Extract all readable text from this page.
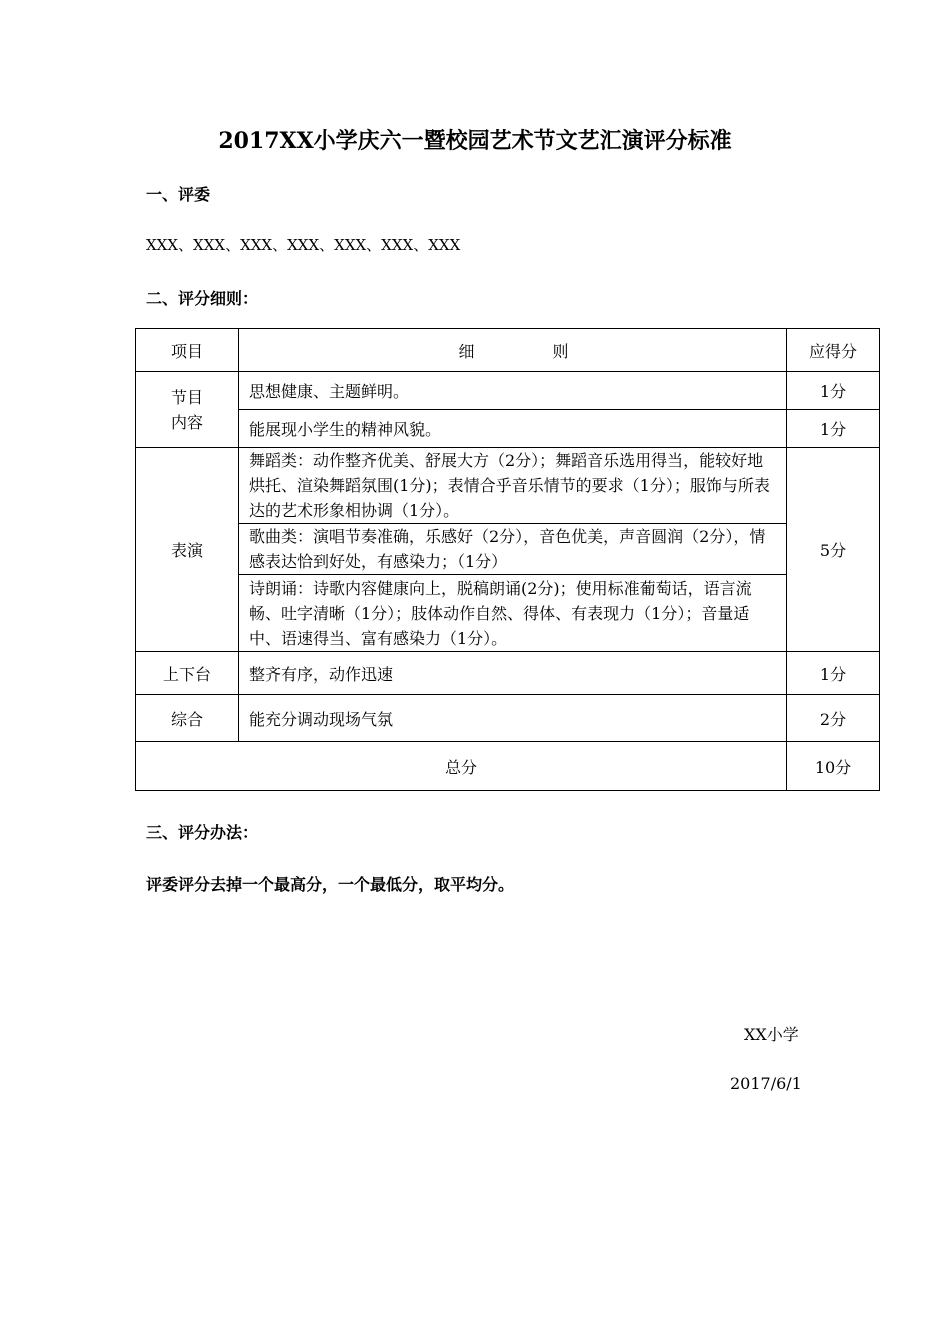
2017XX小学庆六一暨校园艺术节文艺汇演评分标准
一、评委
XXX、XXX、XXX、XXX、XXX、XXX、XXX
二、评分细则：
项目	细 则	应得分

节目
内容	思想健康、主题鲜明。	1分
	能展现小学生的精神风貌。	1分
表演	舞蹈类：动作整齐优美、舒展大方（2分）；舞蹈音乐选用得当，能较好地烘托、渲染舞蹈氛围(1分)；表情合乎音乐情节的要求（1分）；服饰与所表达的艺术形象相协调（1分）。	5分
	歌曲类：演唱节奏准确，乐感好（2分），音色优美，声音圆润（2分），情感表达恰到好处，有感染力；（1分）	
	诗朗诵：诗歌内容健康向上，脱稿朗诵(2分)；使用标准葡萄话，语言流畅、吐字清晰（1分）；肢体动作自然、得体、有表现力（1分）；音量适中、语速得当、富有感染力（1分）。	
上下台	整齐有序，动作迅速	1分
综合	能充分调动现场气氛	2分
总分		10分
三、评分办法：
评委评分去掉一个最高分，一个最低分，取平均分。
XX小学
2017/6/1
